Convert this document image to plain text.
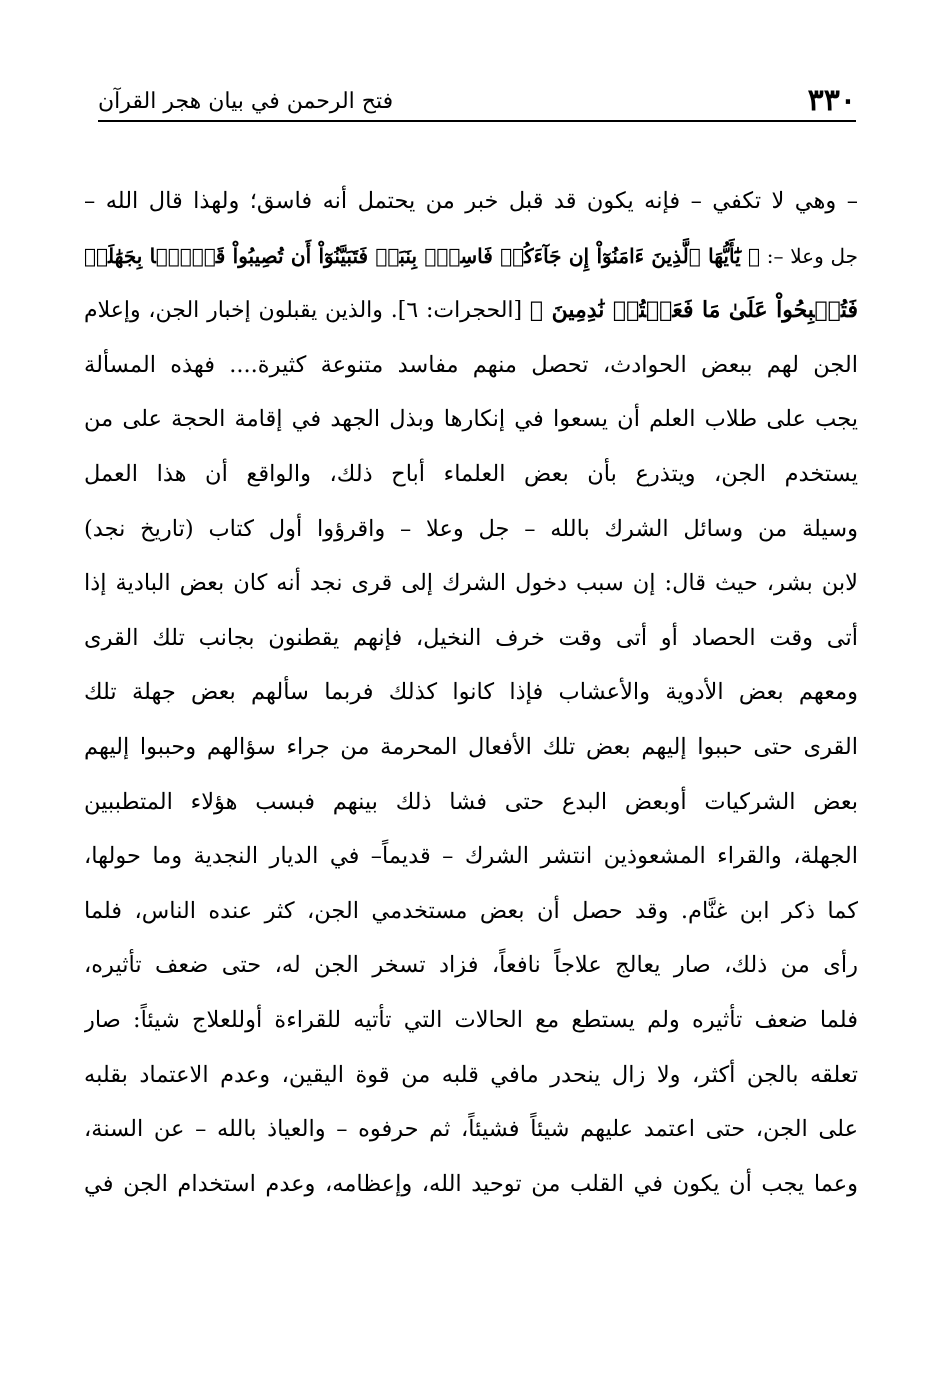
٣٣٠
فتح الرحمن في بيان هجر القرآن
– وهي لا تكفي – فإنه يكون قد قبل خبر من يحتمل أنه فاسق؛ ولهذا قال الله –
جل وعلا –: ﴿ يَٰٓأَيُّهَا ٱلَّذِينَ ءَامَنُوٓاْ إِن جَآءَكُمۡ فَاسِقُۢ بِنَبَإٖ فَتَبَيَّنُوٓاْ أَن تُصِيبُواْ قَوۡمَۢا بِجَهَٰلَةٖ
فَتُصۡبِحُواْ عَلَىٰ مَا فَعَلۡتُمۡ نَٰدِمِينَ ﴾ [الحجرات: ٦]. والذين يقبلون إخبار الجن، وإعلام
الجن لهم ببعض الحوادث، تحصل منهم مفاسد متنوعة كثيرة.... فهذه المسألة
يجب على طلاب العلم أن يسعوا في إنكارها وبذل الجهد في إقامة الحجة على من
يستخدم الجن، ويتذرع بأن بعض العلماء أباح ذلك، والواقع أن هذا العمل
وسيلة من وسائل الشرك بالله – جل وعلا – واقرؤوا أول كتاب (تاريخ نجد)
لابن بشر، حيث قال: إن سبب دخول الشرك إلى قرى نجد أنه كان بعض البادية إذا
أتى وقت الحصاد أو أتى وقت خرف النخيل، فإنهم يقطنون بجانب تلك القرى
ومعهم بعض الأدوية والأعشاب فإذا كانوا كذلك فربما سألهم بعض جهلة تلك
القرى حتى حببوا إليهم بعض تلك الأفعال المحرمة من جراء سؤالهم وحببوا إليهم
بعض الشركيات أوبعض البدع حتى فشا ذلك بينهم فبسب هؤلاء المتطببين
الجهلة، والقراء المشعوذين انتشر الشرك – قديماً– في الديار النجدية وما حولها،
كما ذكر ابن غنَّام. وقد حصل أن بعض مستخدمي الجن، كثر عنده الناس، فلما
رأى من ذلك، صار يعالج علاجاً نافعاً، فزاد تسخر الجن له، حتى ضعف تأثيره،
فلما ضعف تأثيره ولم يستطع مع الحالات التي تأتيه للقراءة أوللعلاج شيئاً: صار
تعلقه بالجن أكثر، ولا زال ينحدر مافي قلبه من قوة اليقين، وعدم الاعتماد بقلبه
على الجن، حتى اعتمد عليهم شيئاً فشيئاً، ثم حرفوه – والعياذ بالله – عن السنة،
وعما يجب أن يكون في القلب من توحيد الله، وإعظامه، وعدم استخدام الجن في
